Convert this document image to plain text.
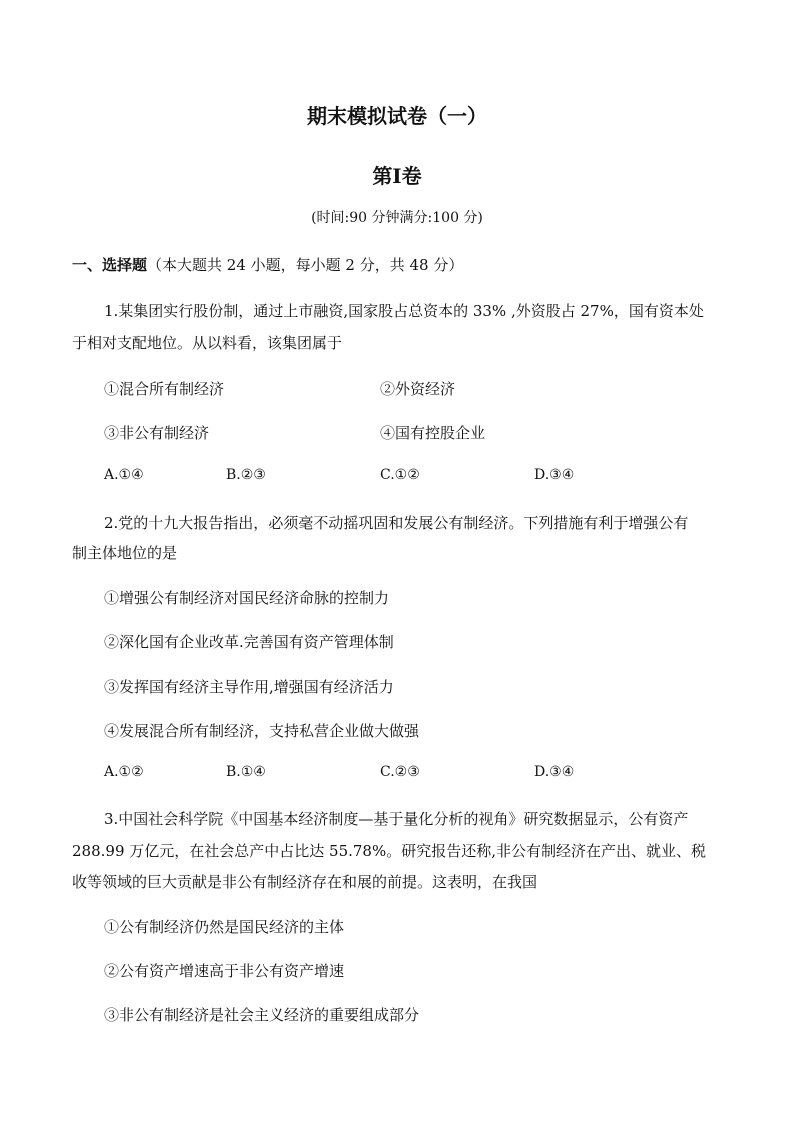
期末模拟试卷（一）
第Ⅰ卷
(时间:90 分钟满分:100 分)
一、选择题（本大题共 24 小题，每小题 2 分，共 48 分）
1.某集团实行股份制，通过上市融资,国家股占总资本的 33% ,外资股占 27%，国有资本处
于相对支配地位。从以料看，该集团属于
①混合所有制经济	②外资经济
③非公有制经济	④国有控股企业
A.①④	B.②③	C.①②	D.③④
2.党的十九大报告指出，必须毫不动摇巩固和发展公有制经济。下列措施有利于增强公有
制主体地位的是
①增强公有制经济对国民经济命脉的控制力
②深化国有企业改革.完善国有资产管理体制
③发挥国有经济主导作用,增强国有经济活力
④发展混合所有制经济，支持私营企业做大做强
A.①②	B.①④	C.②③	D.③④
3.中国社会科学院《中国基本经济制度—基于量化分析的视角》研究数据显示，公有资产
288.99 万亿元，在社会总产中占比达 55.78%。研究报告还称,非公有制经济在产出、就业、税
收等领域的巨大贡献是非公有制经济存在和展的前提。这表明，在我国
①公有制经济仍然是国民经济的主体
②公有资产增速高于非公有资产增速
③非公有制经济是社会主义经济的重要组成部分
